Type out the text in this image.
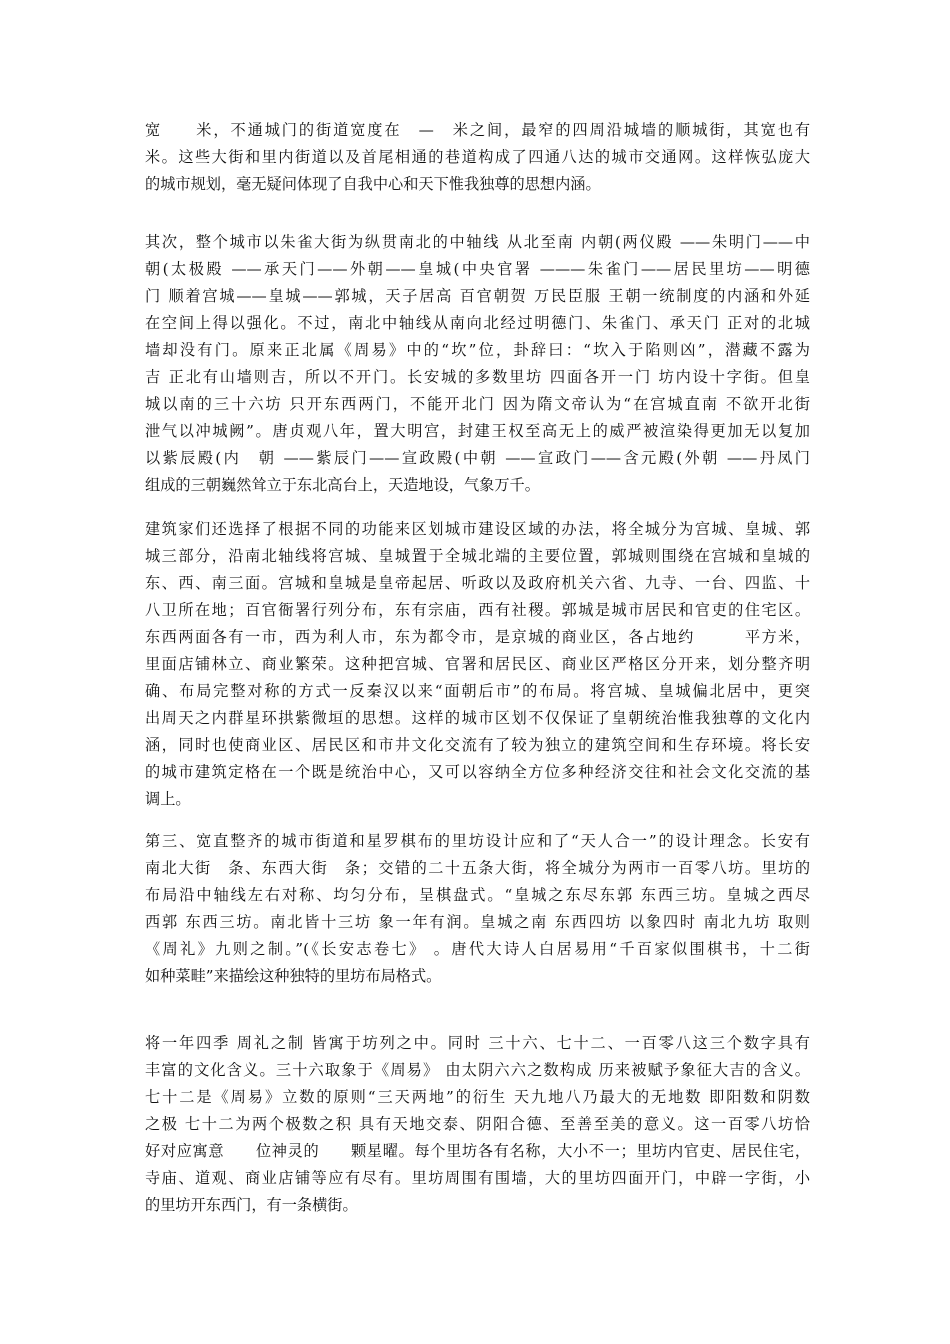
宽　　米，不通城门的街道宽度在　—　米之间，最窄的四周沿城墙的顺城街，其宽也有
米。这些大街和里内街道以及首尾相通的巷道构成了四通八达的城市交通网。这样恢弘庞大
的城市规划，毫无疑问体现了自我中心和天下惟我独尊的思想内涵。
其次，整个城市以朱雀大街为纵贯南北的中轴线 从北至南 内朝(两仪殿 ——朱明门——中
朝(太极殿 ——承天门——外朝——皇城(中央官署 ———朱雀门——居民里坊——明德
门 顺着宫城——皇城——郭城，天子居高 百官朝贺 万民臣服 王朝一统制度的内涵和外延
在空间上得以强化。不过，南北中轴线从南向北经过明德门、朱雀门、承天门 正对的北城
墙却没有门。原来正北属《周易》中的“坎”位，卦辞曰：“坎入于陷则凶”，潜藏不露为
吉 正北有山墙则吉，所以不开门。长安城的多数里坊 四面各开一门 坊内设十字街。但皇
城以南的三十六坊 只开东西两门，不能开北门 因为隋文帝认为“在宫城直南 不欲开北街
泄气以冲城阙”。唐贞观八年，置大明宫，封建王权至高无上的威严被渲染得更加无以复加
以紫辰殿(内　朝 ——紫辰门——宣政殿(中朝 ——宣政门——含元殿(外朝 ——丹凤门
组成的三朝巍然耸立于东北高台上，天造地设，气象万千。
建筑家们还选择了根据不同的功能来区划城市建设区域的办法，将全城分为宫城、皇城、郭
城三部分，沿南北轴线将宫城、皇城置于全城北端的主要位置，郭城则围绕在宫城和皇城的
东、西、南三面。宫城和皇城是皇帝起居、听政以及政府机关六省、九寺、一台、四监、十
八卫所在地；百官衙署行列分布，东有宗庙，西有社稷。郭城是城市居民和官吏的住宅区。
东西两面各有一市，西为利人市，东为都令市，是京城的商业区，各占地约　　　平方米，
里面店铺林立、商业繁荣。这种把宫城、官署和居民区、商业区严格区分开来，划分整齐明
确、布局完整对称的方式一反秦汉以来“面朝后市”的布局。将宫城、皇城偏北居中，更突
出周天之内群星环拱紫微垣的思想。这样的城市区划不仅保证了皇朝统治惟我独尊的文化内
涵，同时也使商业区、居民区和市井文化交流有了较为独立的建筑空间和生存环境。将长安
的城市建筑定格在一个既是统治中心，又可以容纳全方位多种经济交往和社会文化交流的基
调上。
第三、宽直整齐的城市街道和星罗棋布的里坊设计应和了“天人合一”的设计理念。长安有
南北大街　条、东西大街　条；交错的二十五条大街，将全城分为两市一百零八坊。里坊的
布局沿中轴线左右对称、均匀分布，呈棋盘式。“皇城之东尽东郭 东西三坊。皇城之西尽
西郭 东西三坊。南北皆十三坊 象一年有润。皇城之南 东西四坊 以象四时 南北九坊 取则
《周礼》九则之制。”(《长安志卷七》 。唐代大诗人白居易用“千百家似围棋书，十二街
如种菜畦”来描绘这种独特的里坊布局格式。
将一年四季 周礼之制 皆寓于坊列之中。同时 三十六、七十二、一百零八这三个数字具有
丰富的文化含义。三十六取象于《周易》 由太阴六六之数构成 历来被赋予象征大吉的含义。
七十二是《周易》立数的原则“三天两地”的衍生 天九地八乃最大的无地数 即阳数和阴数
之极 七十二为两个极数之积 具有天地交泰、阴阳合德、至善至美的意义。这一百零八坊恰
好对应寓意　　位神灵的　　颗星曜。每个里坊各有名称，大小不一；里坊内官吏、居民住宅，
寺庙、道观、商业店铺等应有尽有。里坊周围有围墙，大的里坊四面开门，中辟一字街，小
的里坊开东西门，有一条横街。
